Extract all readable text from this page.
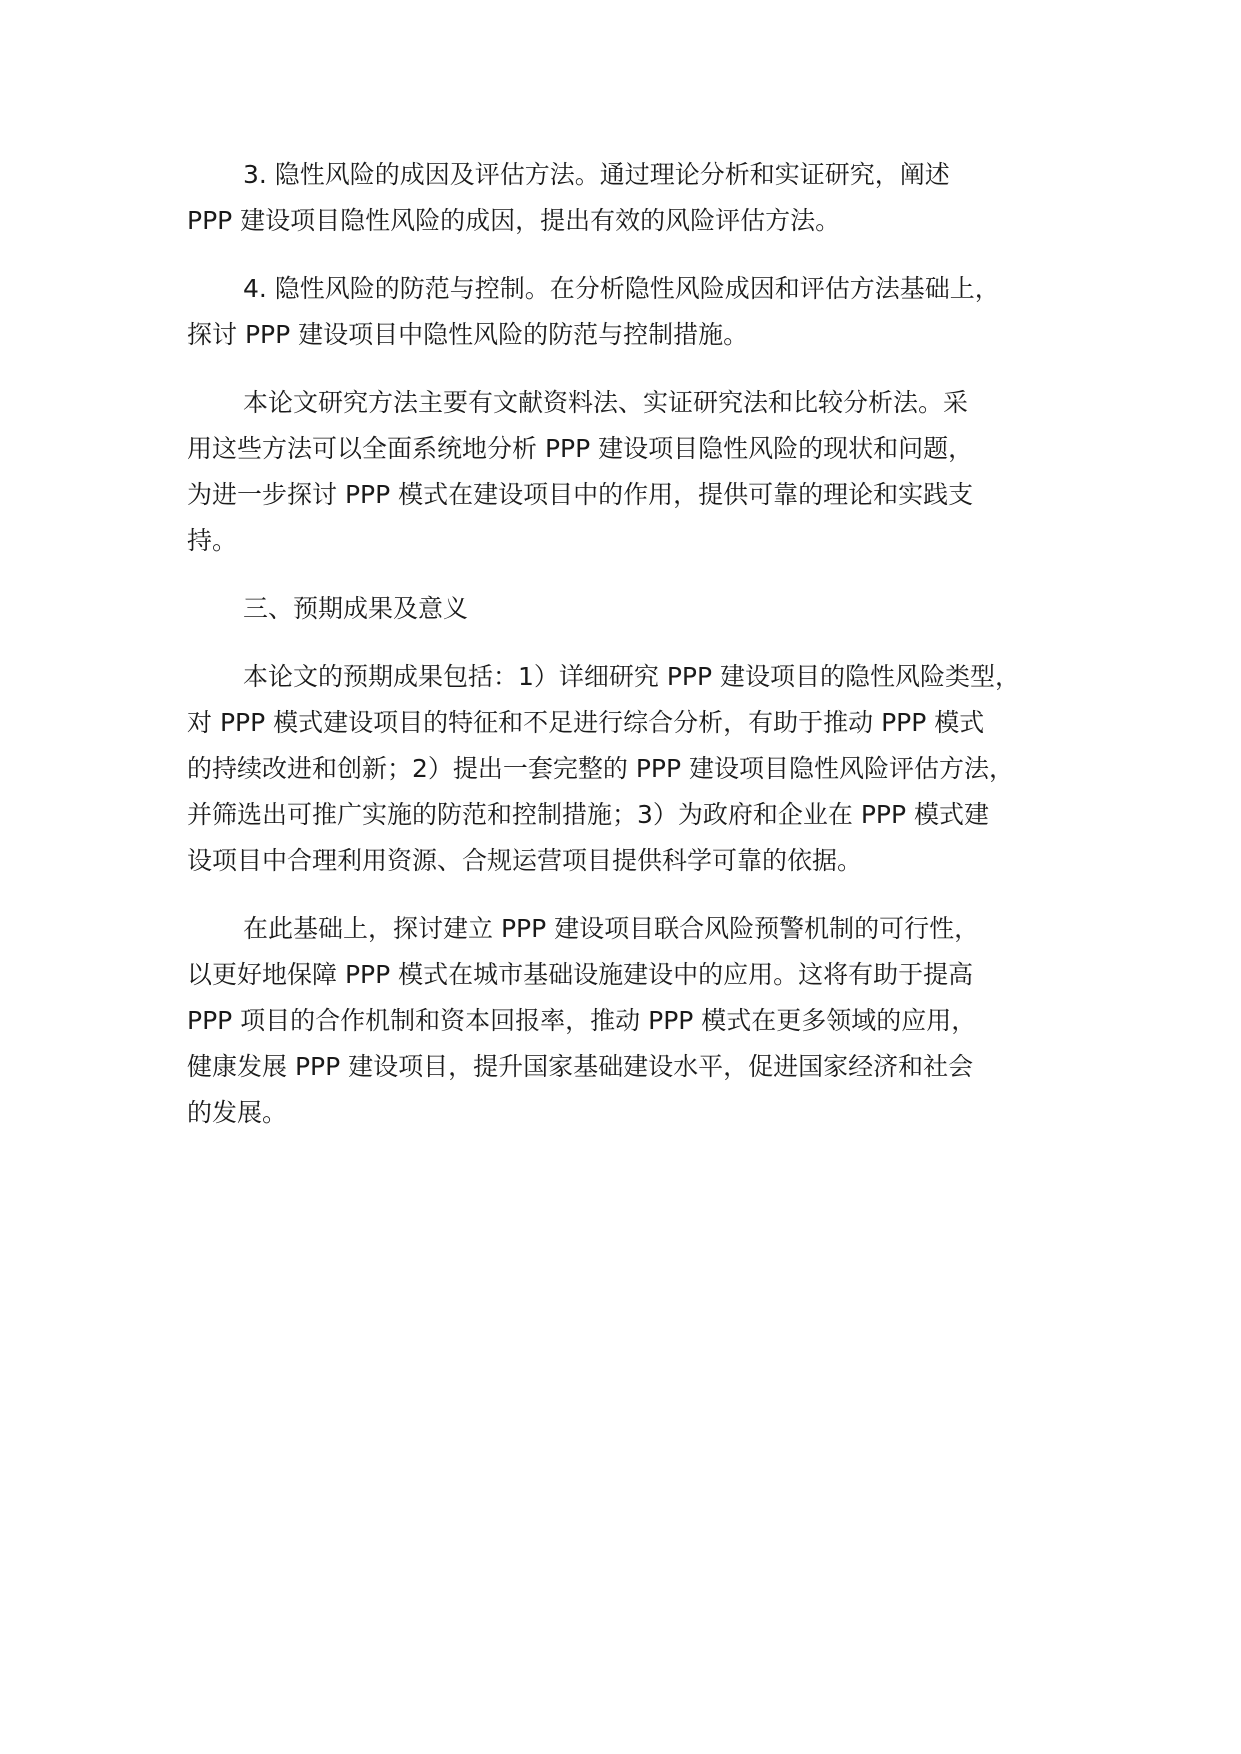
3. 隐性风险的成因及评估方法。通过理论分析和实证研究，阐述
PPP 建设项目隐性风险的成因，提出有效的风险评估方法。

4. 隐性风险的防范与控制。在分析隐性风险成因和评估方法基础上，
探讨 PPP 建设项目中隐性风险的防范与控制措施。

本论文研究方法主要有文献资料法、实证研究法和比较分析法。采
用这些方法可以全面系统地分析 PPP 建设项目隐性风险的现状和问题，
为进一步探讨 PPP 模式在建设项目中的作用，提供可靠的理论和实践支
持。

三、预期成果及意义

本论文的预期成果包括：1）详细研究 PPP 建设项目的隐性风险类型，
对 PPP 模式建设项目的特征和不足进行综合分析，有助于推动 PPP 模式
的持续改进和创新；2）提出一套完整的 PPP 建设项目隐性风险评估方法，
并筛选出可推广实施的防范和控制措施；3）为政府和企业在 PPP 模式建
设项目中合理利用资源、合规运营项目提供科学可靠的依据。

在此基础上，探讨建立 PPP 建设项目联合风险预警机制的可行性，
以更好地保障 PPP 模式在城市基础设施建设中的应用。这将有助于提高
PPP 项目的合作机制和资本回报率，推动 PPP 模式在更多领域的应用，
健康发展 PPP 建设项目，提升国家基础建设水平，促进国家经济和社会
的发展。
